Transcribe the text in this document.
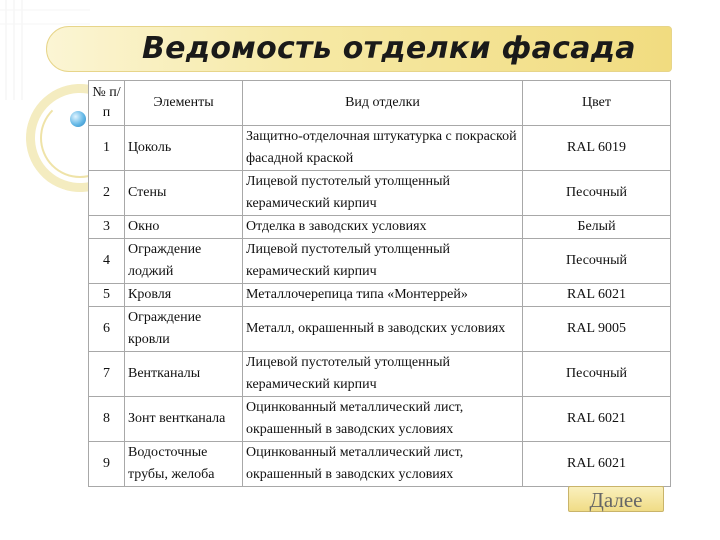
Ведомость отделки фасада
№ п/п	Элементы	Вид отделки	Цвет
1	Цоколь	Защитно-отделочная штукатурка с покраской фасадной краской	RAL 6019
2	Стены	Лицевой пустотелый утолщенный керамический кирпич	Песочный
3	Окно	Отделка в заводских условиях	Белый
4	Ограждение лоджий	Лицевой пустотелый утолщенный керамический кирпич	Песочный
5	Кровля	Металлочерепица типа «Монтеррей»	RAL 6021
6	Ограждение кровли	Металл, окрашенный в заводских условиях	RAL 9005
7	Вентканалы	Лицевой пустотелый утолщенный керамический кирпич	Песочный
8	Зонт вентканала	Оцинкованный металлический лист, окрашенный в заводских условиях	RAL 6021
9	Водосточные трубы, желоба	Оцинкованный металлический лист, окрашенный в заводских условиях	RAL 6021
Далее
